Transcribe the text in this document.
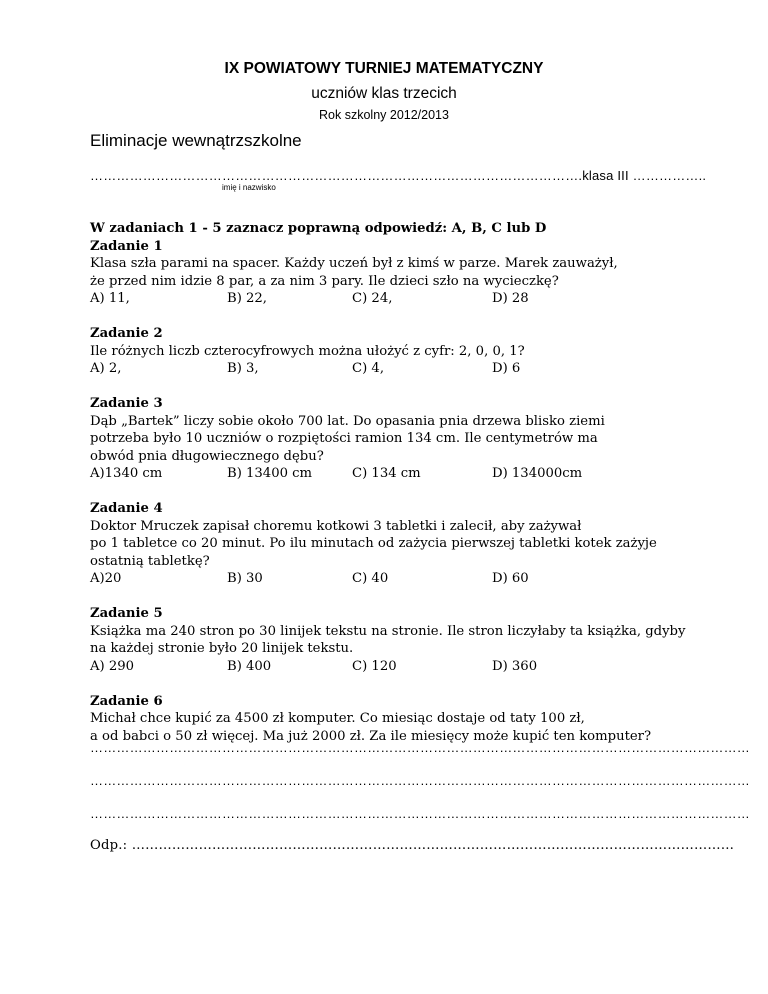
IX POWIATOWY TURNIEJ MATEMATYCZNY
uczniów klas trzecich
Rok szkolny 2012/2013
Eliminacje wewnątrzszkolne
………………………………………………………………………………………………….klasa III ……………..
imię i nazwisko

W zadaniach 1 - 5 zaznacz poprawną odpowiedź: A, B, C lub D

Zadanie 1

Klasa szła parami na spacer. Każdy uczeń był z kimś w parze. Marek zauważył,

że przed nim idzie 8 par, a za nim 3 pary. Ile dzieci szło na wycieczkę?

A) 11,	B) 22,	C) 24,	D) 28

Zadanie 2

Ile różnych liczb czterocyfrowych można ułożyć z cyfr: 2, 0, 0, 1?

A) 2,	B) 3,	C) 4,	D) 6

Zadanie 3

Dąb „Bartek” liczy sobie około 700 lat. Do opasania pnia drzewa blisko ziemi

potrzeba było 10 uczniów o rozpiętości ramion 134 cm. Ile centymetrów ma

obwód pnia długowiecznego dębu?

A)1340 cm	B) 13400 cm	C) 134 cm	D) 134000cm

Zadanie 4

Doktor Mruczek zapisał choremu kotkowi 3 tabletki i zalecił, aby zażywał

po 1 tabletce co 20 minut. Po ilu minutach od zażycia pierwszej tabletki kotek zażyje

ostatnią tabletkę?

A)20	B) 30	C) 40	D) 60

Zadanie 5

Książka ma 240 stron po 30 linijek tekstu na stronie. Ile stron liczyłaby ta książka, gdyby

na każdej stronie było 20 linijek tekstu.

A) 290	B) 400	C) 120	D) 360

Zadanie 6

Michał chce kupić za 4500 zł komputer. Co miesiąc dostaje od taty 100 zł,

a od babci o 50 zł więcej. Ma już 2000 zł. Za ile miesięcy może kupić ten komputer?

……………………………………………………………………………………………………………………………………
……………………………………………………………………………………………………………………………………
……………………………………………………………………………………………………………………………………
Odp.: ………………………………………………………………………………………………………………………
